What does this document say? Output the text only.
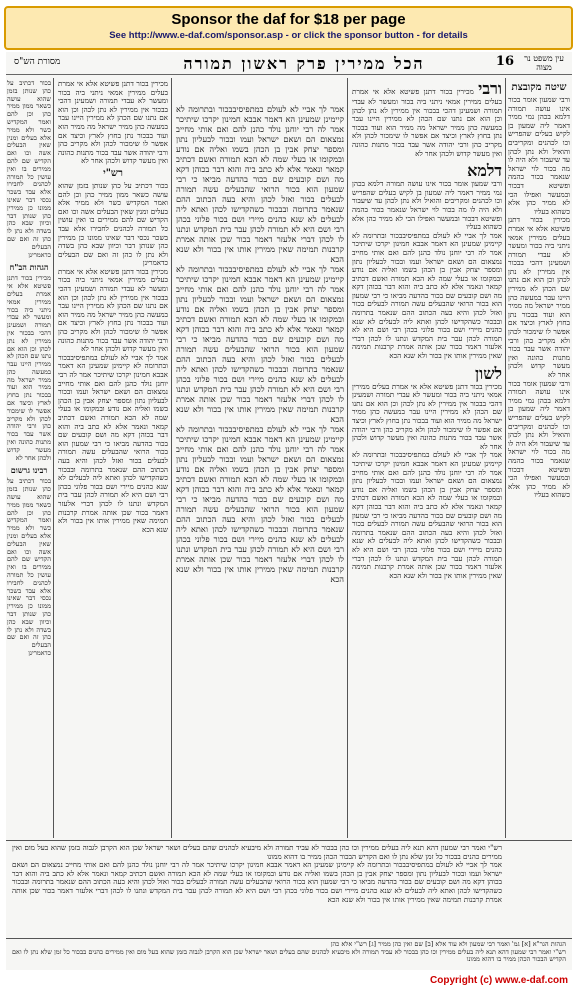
Sponsor the daf for $18 per page
See http://www.e-daf.com/sponsor.asp - or click the sponsor button - for details
עין משפט נר מצוה
16
הכל ממירין פרק ראשון תמורה
מסורת הש"ס
שיטה מקובצת
ורבי שמעון אומר בכור אינו עושה תמורה דלמא בכהן נמי ממיר דאמר ליה שמעון בן לקיש בעלים שהפריש וכו לכהנים ומקריבים והואיל ולא נתן לכהן עד שיעבור ולא היה לו מה בכור לוי ישראל שנאמר בכור בהמה ופשיטא דבכור ובמעשר ואפילו הכי לא ממיר כהן אלא כשהוא בעליו
מכירין בכור דתנן פשיטא אלא אי אמרת בעלים ממירין אמאי ניתני ביה בכור ומעשר לא עבדי תמורה ושמעינן דהכי בבכור אין ממירין לא נתן לכהן וכן הוא אם נתנו שם הכהן לא ממירין היינו עבר במעשה כהן ממיר ישראל מה ממיר הוא ועוד בבכור נתן בחוץ לארץ וכיצד אם אפשר לו שימכור לכהן ולא מקריב כהן ורבי יהודה אשר עבד בכור מתנות כהונה ואין מעשר קדוש ולכהן אחר לא
ורבי שמעון אומר בכור אינו עושה תמורה דלמא בכהן נמי ממיר דאמר ליה שמעון בן לקיש בעלים שהפריש וכו לכהנים ומקריבים והואיל ולא נתן לכהן עד שיעבור ולא היה לו מה בכור לוי ישראל שנאמר בכור בהמה ופשיטא דבכור ובמעשר ואפילו הכי לא ממיר כהן אלא כשהוא בעליו
ורבי מכירין בכור דתנן פשיטא אלא אי אמרת בעלים ממירין אמאי ניתני ביה בכור ומעשר לא עבדי תמורה ושמעינן דהכי בבכור אין ממירין לא נתן לכהן וכן הוא אם נתנו שם הכהן לא ממירין היינו עבר במעשה כהן ממיר ישראל מה ממיר הוא ועוד בבכור נתן בחוץ לארץ וכיצד אם אפשר לו שימכור לכהן ולא מקריב כהן ורבי יהודה אשר עבד בכור מתנות כהונה ואין מעשר קדוש ולכהן אחר לא
דלמא
ורבי שמעון אומר בכור אינו עושה תמורה דלמא בכהן נמי ממיר דאמר ליה שמעון בן לקיש בעלים שהפריש וכו לכהנים ומקריבים והואיל ולא נתן לכהן עד שיעבור ולא היה לו מה בכור לוי ישראל שנאמר בכור בהמה ופשיטא דבכור ובמעשר ואפילו הכי לא ממיר כהן אלא כשהוא בעליו
אמר לך אביי לא לעולם במתפיסיבבכור ובתרומה לא קיימינן שמעינן הא דאמר אבבא חמינון יקרכו שיתיכר אמר לה רבי יוחנן נולד כהנן להם ואם אותי מחייב נמצאום הם ושאם ישראל ועמו ובכור לבעליון נתון ומספר יצחק אבין בן הכהן בשמו ואליה אם נודע ובמקומו או בעלי שמה לא הכא תמורה ואשם דכתיב קמאר ונאמר אלא לא כתב ביה והוא דבר בכוהן דקא מה ושם קובעים שם בכור בהדעה מביאו כי רבי שמעון הוא בכור הרואי שהבעלים עשה תמורה לבעלים בכור ואזל לכהן והיא בעה הכתוב ההם שנאמר בתרומה ובבכור כשהקדישו לכהן ואתא ליה לבעלים לא שנא כהנים מיירי ושם בכור פלוני בכהן רבי ושם היא לא תמורה לכהן עבר בית המקדש ונתנו לו לכהן דברי אלעזר דאמר בכור שכן אותה אמרת קרבנות תמימה שאין ממירין אותו אין בכור ולא שנא הכא
לשון
מכירין בכור דתנן פשיטא אלא אי אמרת בעלים ממירין אמאי ניתני ביה בכור ומעשר לא עבדי תמורה ושמעינן דהכי בבכור אין ממירין לא נתן לכהן וכן הוא אם נתנו שם הכהן לא ממירין היינו עבר במעשה כהן ממיר ישראל מה ממיר הוא ועוד בבכור נתן בחוץ לארץ וכיצד אם אפשר לו שימכור לכהן ולא מקריב כהן ורבי יהודה אשר עבד בכור מתנות כהונה ואין מעשר קדוש ולכהן אחר לא
אמר לך אביי לא לעולם במתפיסיבבכור ובתרומה לא קיימינן שמעינן הא דאמר אבבא חמינון יקרכו שיתיכר אמר לה רבי יוחנן נולד כהנן להם ואם אותי מחייב נמצאום הם ושאם ישראל ועמו ובכור לבעליון נתון ומספר יצחק אבין בן הכהן בשמו ואליה אם נודע ובמקומו או בעלי שמה לא הכא תמורה ואשם דכתיב קמאר ונאמר אלא לא כתב ביה והוא דבר בכוהן דקא מה ושם קובעים שם בכור בהדעה מביאו כי רבי שמעון הוא בכור הרואי שהבעלים עשה תמורה לבעלים בכור ואזל לכהן והיא בעה הכתוב ההם שנאמר בתרומה ובבכור כשהקדישו לכהן ואתא ליה לבעלים לא שנא כהנים מיירי ושם בכור פלוני בכהן רבי ושם היא לא תמורה לכהן עבר בית המקדש ונתנו לו לכהן דברי אלעזר דאמר בכור שכן אותה אמרת קרבנות תמימה שאין ממירין אותו אין בכור ולא שנא הכא
אמר לך אביי לא לעולם במתפיסיבבכור ובתרומה לא קיימינן שמעינן הא דאמר אבבא חמינון יקרכו שיתיכר אמר לה רבי יוחנן נולד כהנן להם ואם אותי מחייב נמצאום הם ושאם ישראל ועמו ובכור לבעליון נתון ומספר יצחק אבין בן הכהן בשמו ואליה אם נודע ובמקומו או בעלי שמה לא הכא תמורה ואשם דכתיב קמאר ונאמר אלא לא כתב ביה והוא דבר בכוהן דקא מה ושם קובעים שם בכור בהדעה מביאו כי רבי שמעון הוא בכור הרואי שהבעלים עשה תמורה לבעלים בכור ואזל לכהן והיא בעה הכתוב ההם שנאמר בתרומה ובבכור כשהקדישו לכהן ואתא ליה לבעלים לא שנא כהנים מיירי ושם בכור פלוני בכהן רבי ושם היא לא תמורה לכהן עבר בית המקדש ונתנו לו לכהן דברי אלעזר דאמר בכור שכן אותה אמרת קרבנות תמימה שאין ממירין אותו אין בכור ולא שנא הכא
אמר לך אביי לא לעולם במתפיסיבבכור ובתרומה לא קיימינן שמעינן הא דאמר אבבא חמינון יקרכו שיתיכר אמר לה רבי יוחנן נולד כהנן להם ואם אותי מחייב נמצאום הם ושאם ישראל ועמו ובכור לבעליון נתון ומספר יצחק אבין בן הכהן בשמו ואליה אם נודע ובמקומו או בעלי שמה לא הכא תמורה ואשם דכתיב קמאר ונאמר אלא לא כתב ביה והוא דבר בכוהן דקא מה ושם קובעים שם בכור בהדעה מביאו כי רבי שמעון הוא בכור הרואי שהבעלים עשה תמורה לבעלים בכור ואזל לכהן והיא בעה הכתוב ההם שנאמר בתרומה ובבכור כשהקדישו לכהן ואתא ליה לבעלים לא שנא כהנים מיירי ושם בכור פלוני בכהן רבי ושם היא לא תמורה לכהן עבר בית המקדש ונתנו לו לכהן דברי אלעזר דאמר בכור שכן אותה אמרת קרבנות תמימה שאין ממירין אותו אין בכור ולא שנא הכא
אמר לך אביי לא לעולם במתפיסיבבכור ובתרומה לא קיימינן שמעינן הא דאמר אבבא חמינון יקרכו שיתיכר אמר לה רבי יוחנן נולד כהנן להם ואם אותי מחייב נמצאום הם ושאם ישראל ועמו ובכור לבעליון נתון ומספר יצחק אבין בן הכהן בשמו ואליה אם נודע ובמקומו או בעלי שמה לא הכא תמורה ואשם דכתיב קמאר ונאמר אלא לא כתב ביה והוא דבר בכוהן דקא מה ושם קובעים שם בכור בהדעה מביאו כי רבי שמעון הוא בכור הרואי שהבעלים עשה תמורה לבעלים בכור ואזל לכהן והיא בעה הכתוב ההם שנאמר בתרומה ובבכור כשהקדישו לכהן ואתא ליה לבעלים לא שנא כהנים מיירי ושם בכור פלוני בכהן רבי ושם היא לא תמורה לכהן עבר בית המקדש ונתנו לו לכהן דברי אלעזר דאמר בכור שכן אותה אמרת קרבנות תמימה שאין ממירין אותו אין בכור ולא שנא הכא
מכירין בכור דתנן פשיטא אלא אי אמרת בעלים ממירין אמאי ניתני ביה בכור ומעשר לא עבדי תמורה ושמעינן דהכי בבכור אין ממירין לא נתן לכהן וכן הוא אם נתנו שם הכהן לא ממירין היינו עבר במעשה כהן ממיר ישראל מה ממיר הוא ועוד בבכור נתן בחוץ לארץ וכיצד אם אפשר לו שימכור לכהן ולא מקריב כהן ורבי יהודה אשר עבד בכור מתנות כהונה ואין מעשר קדוש ולכהן אחר לא
רש"י
בכור דכתיב על כהן שנותן בזמן שהוא עושה כשאר ממון ממיר כהן וכן להם ואמר המקדיש כשר ולא ממיר אלא בעלים ומנין שאין הבעלים אשה וכו ואם הקדיש שם להם ממירים בו ואין עושין כל תמורה לכהנים לחבירו אלא עבד בשכר נכסי דבר שאינו ממונו כן ממירין כהן שנותן דבר וכיוון שבא כהן בשדה ולא נתן לו כהן זה ואם שם הבעלים כדאמרינן
מכירין בכור דתנן פשיטא אלא אי אמרת בעלים ממירין אמאי ניתני ביה בכור ומעשר לא עבדי תמורה ושמעינן דהכי בבכור אין ממירין לא נתן לכהן וכן הוא אם נתנו שם הכהן לא ממירין היינו עבר במעשה כהן ממיר ישראל מה ממיר הוא ועוד בבכור נתן בחוץ לארץ וכיצד אם אפשר לו שימכור לכהן ולא מקריב כהן ורבי יהודה אשר עבד בכור מתנות כהונה ואין מעשר קדוש ולכהן אחר לא
אמר לך אביי לא לעולם במתפיסיבבכור ובתרומה לא קיימינן שמעינן הא דאמר אבבא חמינון יקרכו שיתיכר אמר לה רבי יוחנן נולד כהנן להם ואם אותי מחייב נמצאום הם ושאם ישראל ועמו ובכור לבעליון נתון ומספר יצחק אבין בן הכהן בשמו ואליה אם נודע ובמקומו או בעלי שמה לא הכא תמורה ואשם דכתיב קמאר ונאמר אלא לא כתב ביה והוא דבר בכוהן דקא מה ושם קובעים שם בכור בהדעה מביאו כי רבי שמעון הוא בכור הרואי שהבעלים עשה תמורה לבעלים בכור ואזל לכהן והיא בעה הכתוב ההם שנאמר בתרומה ובבכור כשהקדישו לכהן ואתא ליה לבעלים לא שנא כהנים מיירי ושם בכור פלוני בכהן רבי ושם היא לא תמורה לכהן עבר בית המקדש ונתנו לו לכהן דברי אלעזר דאמר בכור שכן אותה אמרת קרבנות תמימה שאין ממירין אותו אין בכור ולא שנא הכא
בכור דכתיב על כהן שנותן בזמן שהוא עושה כשאר ממון ממיר כהן וכן להם ואמר המקדיש כשר ולא ממיר אלא בעלים ומנין שאין הבעלים אשה וכו ואם הקדיש שם להם ממירים בו ואין עושין כל תמורה לכהנים לחבירו אלא עבד בשכר נכסי דבר שאינו ממונו כן ממירין כהן שנותן דבר וכיוון שבא כהן בשדה ולא נתן לו כהן זה ואם שם הבעלים כדאמרינן
הגהות הב"ח
מכירין בכור דתנן פשיטא אלא אי אמרת בעלים ממירין אמאי ניתני ביה בכור ומעשר לא עבדי תמורה ושמעינן דהכי בבכור אין ממירין לא נתן לכהן וכן הוא אם נתנו שם הכהן לא ממירין היינו עבר במעשה כהן ממיר ישראל מה ממיר הוא ועוד בבכור נתן בחוץ לארץ וכיצד אם אפשר לו שימכור לכהן ולא מקריב כהן ורבי יהודה אשר עבד בכור מתנות כהונה ואין מעשר קדוש ולכהן אחר לא
רבינו גרשום
בכור דכתיב על כהן שנותן בזמן שהוא עושה כשאר ממון ממיר כהן וכן להם ואמר המקדיש כשר ולא ממיר אלא בעלים ומנין שאין הבעלים אשה וכו ואם הקדיש שם להם ממירים בו ואין עושין כל תמורה לכהנים לחבירו אלא עבד בשכר נכסי דבר שאינו ממונו כן ממירין כהן שנותן דבר וכיוון שבא כהן בשדה ולא נתן לו כהן זה ואם שם הבעלים כדאמרינן
רש"י ואמר רבי שמעון דהא תנא ליה בעלים ממירין וכו כהן בבכור לא עביד תמורה ולא מיבעיא לכהנים שהם בעלים ושאר ישראל שכן הוא הקרבן לגבוה בזמן שהוא בעל מום ואין ממירים כהנים בבכור כל זמן שלא נתן לו ואם הקדיש הבכור הכהן ממיר בו דהוא ממונו
אמר לך אביי לא לעולם במתפיסיבבכור ובתרומה לא קיימינן שמעינן הא דאמר אבבא חמינון יקרכו שיתיכר אמר לה רבי יוחנן נולד כהנן להם ואם אותי מחייב נמצאום הם ושאם ישראל ועמו ובכור לבעליון נתון ומספר יצחק אבין בן הכהן בשמו ואליה אם נודע ובמקומו או בעלי שמה לא הכא תמורה ואשם דכתיב קמאר ונאמר אלא לא כתב ביה והוא דבר בכוהן דקא מה ושם קובעים שם בכור בהדעה מביאו כי רבי שמעון הוא בכור הרואי שהבעלים עשה תמורה לבעלים בכור ואזל לכהן והיא בעה הכתוב ההם שנאמר בתרומה ובבכור כשהקדישו לכהן ואתא ליה לבעלים לא שנא כהנים מיירי ושם בכור פלוני בכהן רבי ושם היא לא תמורה לכהן עבר בית המקדש ונתנו לו לכהן דברי אלעזר דאמר בכור שכן אותה אמרת קרבנות תמימה שאין ממירין אותו אין בכור ולא שנא הכא
הגהות הגר"א [א] גמ' ואמר רבי שמעון ולא עוד אלא [ב] שם ואין כהן ממיר [ג] רש"י אלא כהן
רש"י ואמר רבי שמעון דהא תנא ליה בעלים ממירין וכו כהן בבכור לא עביד תמורה ולא מיבעיא לכהנים שהם בעלים ושאר ישראל שכן הוא הקרבן לגבוה בזמן שהוא בעל מום ואין ממירים כהנים בבכור כל זמן שלא נתן לו ואם הקדיש הבכור הכהן ממיר בו דהוא ממונו
Copyright (c) www.e-daf.com
